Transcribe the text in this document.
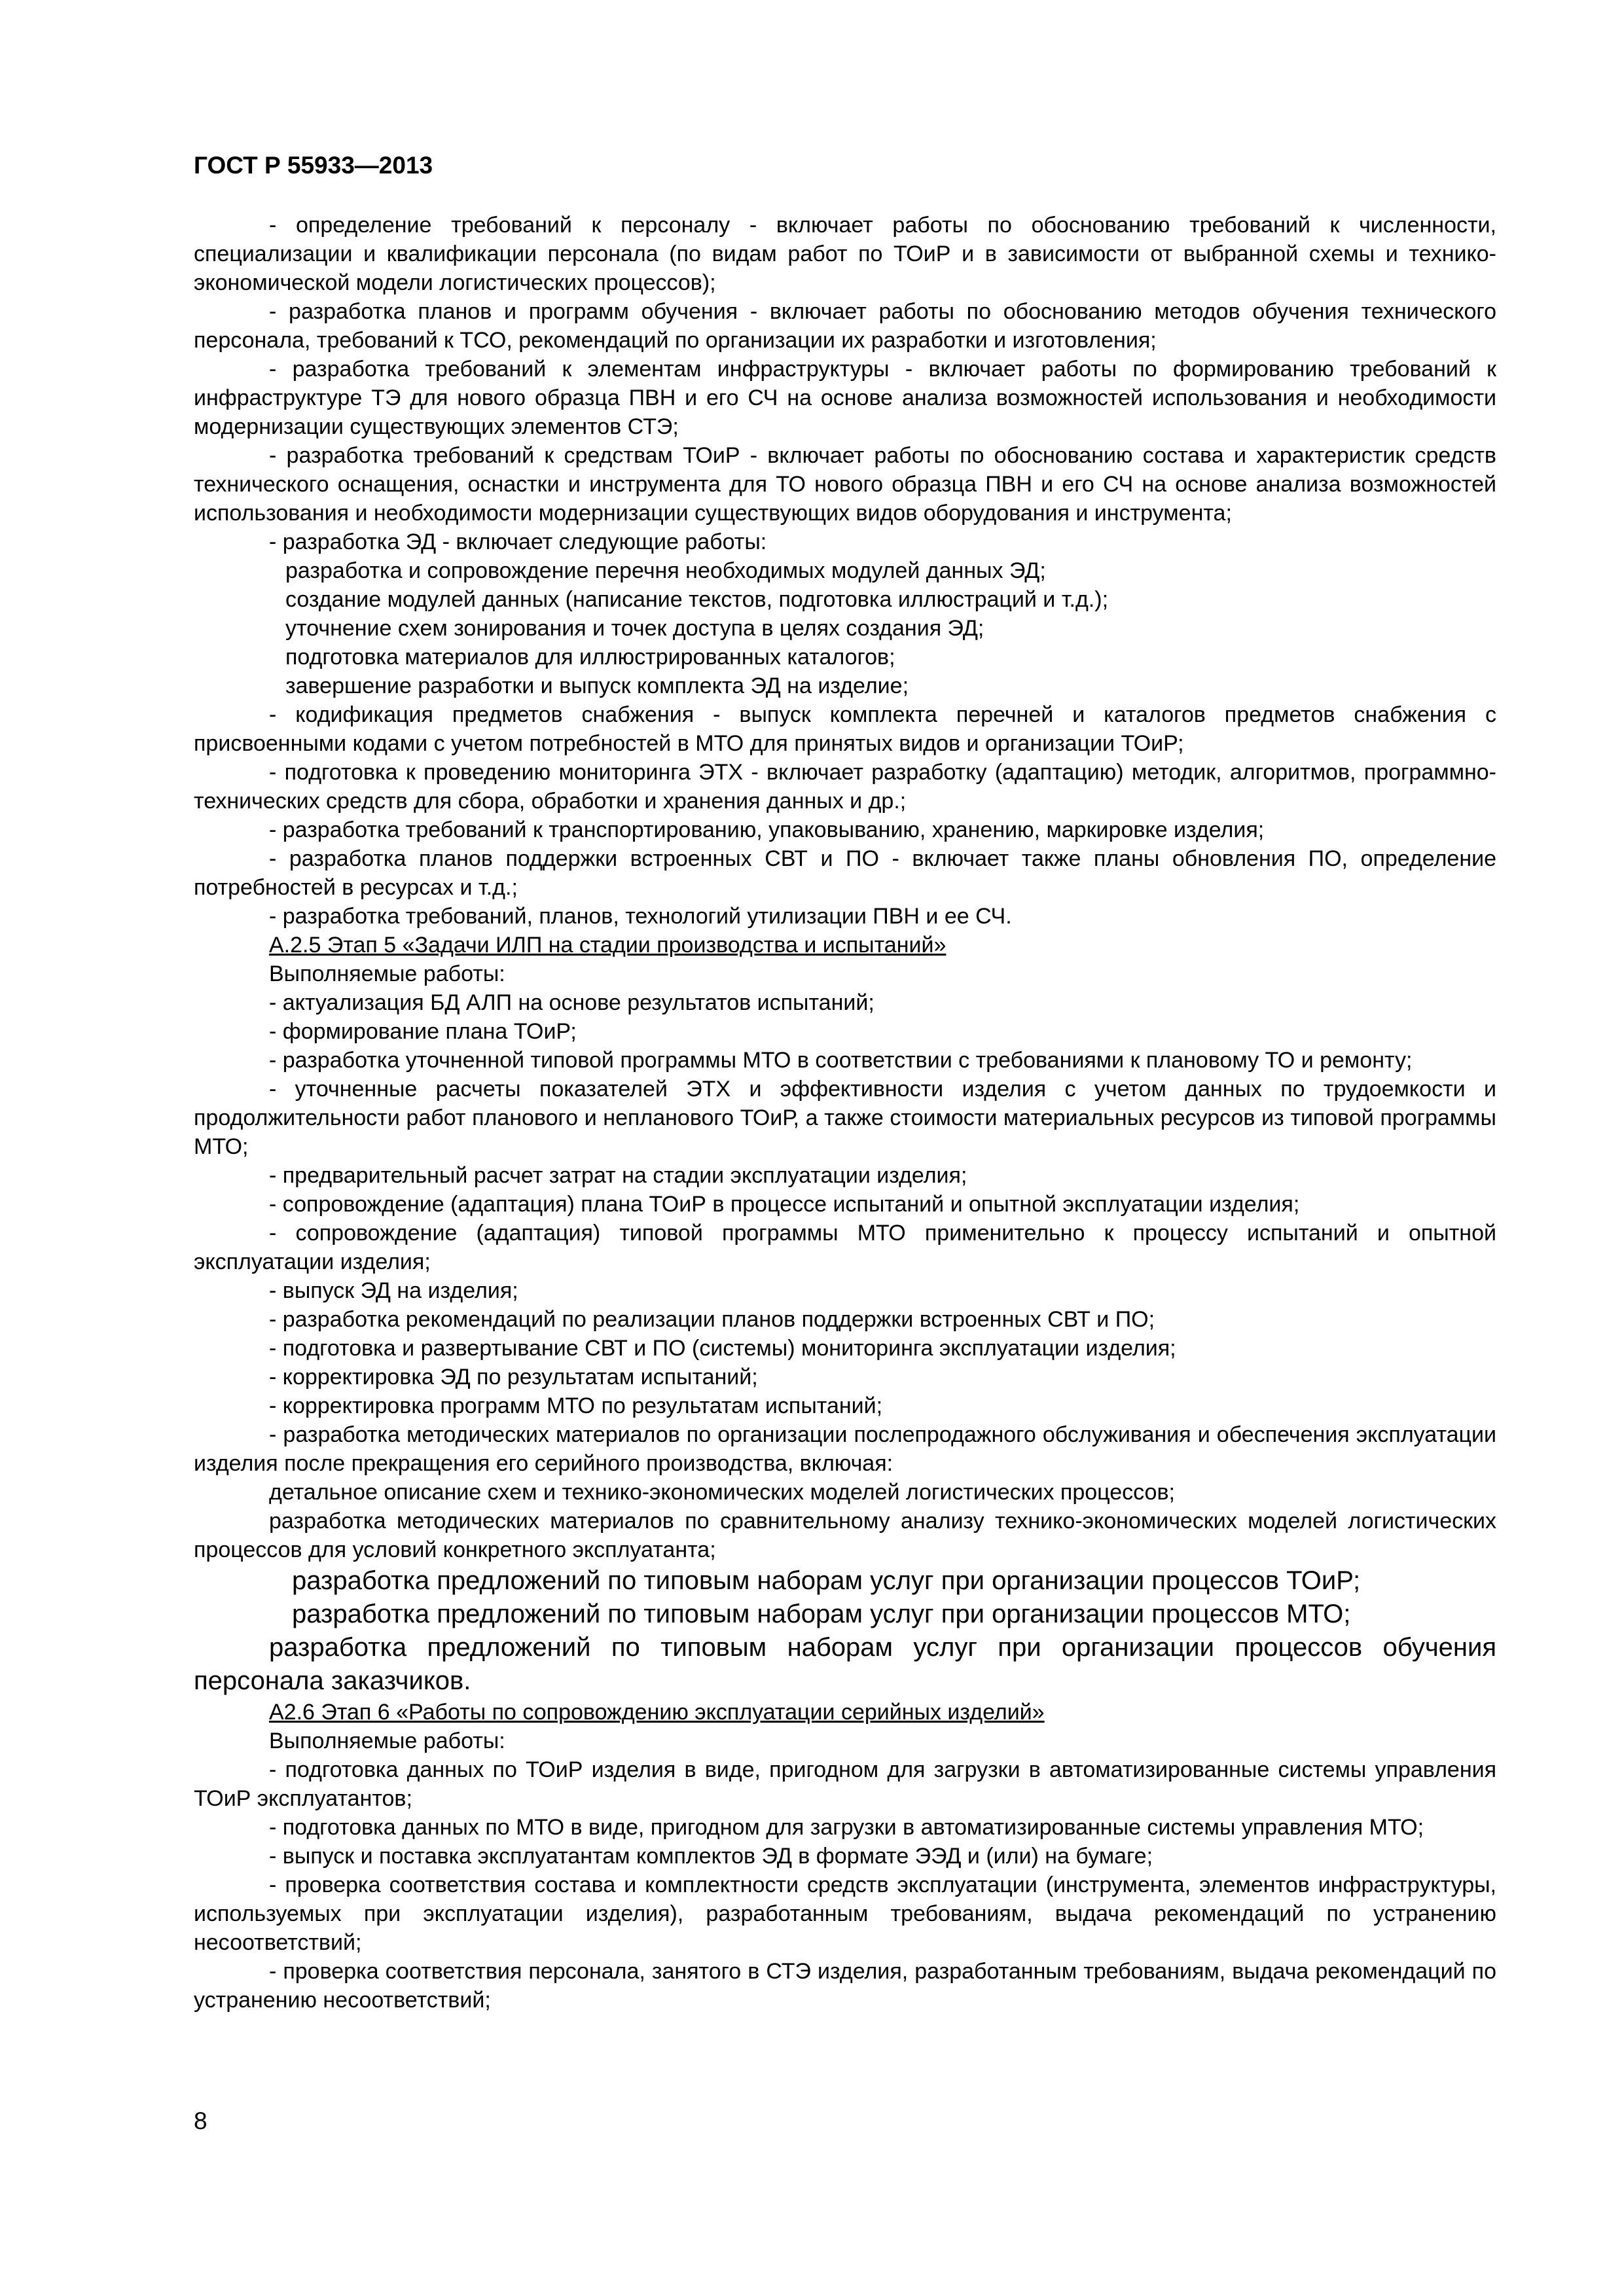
ГОСТ Р 55933—2013

- определение требований к персоналу - включает работы по обоснованию требований к численности, специализации и квалификации персонала (по видам работ по ТОиР и в зависимости от выбранной схемы и технико-экономической модели логистических процессов);

- разработка планов и программ обучения - включает работы по обоснованию методов обучения технического персонала, требований к ТСО, рекомендаций по организации их разработки и изготовления;

- разработка требований к элементам инфраструктуры - включает работы по формированию требований к инфраструктуре ТЭ для нового образца ПВН и его СЧ на основе анализа возможностей использования и необходимости модернизации существующих элементов СТЭ;

- разработка требований к средствам ТОиР - включает работы по обоснованию состава и характеристик средств технического оснащения, оснастки и инструмента для ТО нового образца ПВН и его СЧ на основе анализа возможностей использования и необходимости модернизации существующих видов оборудования и инструмента;

- разработка ЭД - включает следующие работы:

разработка и сопровождение перечня необходимых модулей данных ЭД;

создание модулей данных (написание текстов, подготовка иллюстраций и т.д.);

уточнение схем зонирования и точек доступа в целях создания ЭД;

подготовка материалов для иллюстрированных каталогов;

завершение разработки и выпуск комплекта ЭД на изделие;

- кодификация предметов снабжения - выпуск комплекта перечней и каталогов предметов снабжения с присвоенными кодами с учетом потребностей в МТО для принятых видов и организации ТОиР;

- подготовка к проведению мониторинга ЭТХ - включает разработку (адаптацию) методик, алгоритмов, программно-технических средств для сбора, обработки и хранения данных и др.;

- разработка требований к транспортированию, упаковыванию, хранению, маркировке изделия;

- разработка планов поддержки встроенных СВТ и ПО - включает также планы обновления ПО, определение потребностей в ресурсах и т.д.;

- разработка требований, планов, технологий утилизации ПВН и ее СЧ.

А.2.5 Этап 5 «Задачи ИЛП на стадии производства и испытаний»

Выполняемые работы:

- актуализация БД АЛП на основе результатов испытаний;

- формирование плана ТОиР;

- разработка уточненной типовой программы МТО в соответствии с требованиями к плановому ТО и ремонту;

- уточненные расчеты показателей ЭТХ и эффективности изделия с учетом данных по трудоемкости и продолжительности работ планового и непланового ТОиР, а также стоимости материальных ресурсов из типовой программы МТО;

- предварительный расчет затрат на стадии эксплуатации изделия;

- сопровождение (адаптация) плана ТОиР в процессе испытаний и опытной эксплуатации изделия;

- сопровождение (адаптация) типовой программы МТО применительно к процессу испытаний и опытной эксплуатации изделия;

- выпуск ЭД на изделия;

- разработка рекомендаций по реализации планов поддержки встроенных СВТ и ПО;

- подготовка и развертывание СВТ и ПО (системы) мониторинга эксплуатации изделия;

- корректировка ЭД по результатам испытаний;

- корректировка программ МТО по результатам испытаний;

- разработка методических материалов по организации послепродажного обслуживания и обеспечения эксплуатации изделия после прекращения его серийного производства, включая:

детальное описание схем и технико-экономических моделей логистических процессов;

разработка методических материалов по сравнительному анализу технико-экономических моделей логистических процессов для условий конкретного эксплуатанта;

разработка предложений по типовым наборам услуг при организации процессов ТОиР;

разработка предложений по типовым наборам услуг при организации процессов МТО;

разработка предложений по типовым наборам услуг при организации процессов обучения персонала заказчиков.

А2.6 Этап 6 «Работы по сопровождению эксплуатации серийных изделий»

Выполняемые работы:

- подготовка данных по ТОиР изделия в виде, пригодном для загрузки в автоматизированные системы управления ТОиР эксплуатантов;

- подготовка данных по МТО в виде, пригодном для загрузки в автоматизированные системы управления МТО;

- выпуск и поставка эксплуатантам комплектов ЭД в формате ЭЭД и (или) на бумаге;

- проверка соответствия состава и комплектности средств эксплуатации (инструмента, элементов инфраструктуры, используемых при эксплуатации изделия), разработанным требованиям, выдача рекомендаций по устранению несоответствий;

- проверка соответствия персонала, занятого в СТЭ изделия, разработанным требованиям, выдача рекомендаций по устранению несоответствий;

8
